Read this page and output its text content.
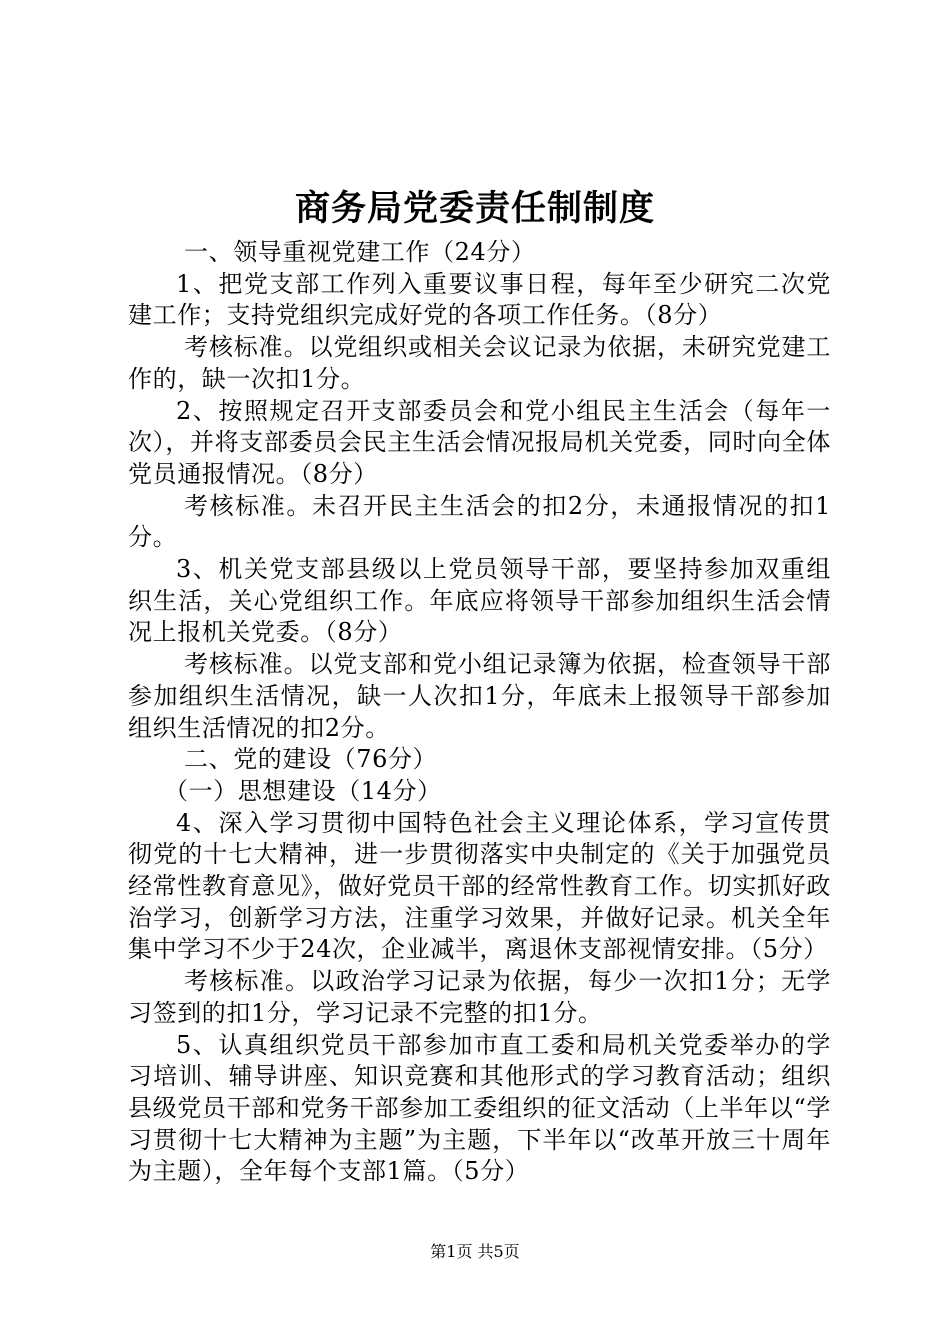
商务局党委责任制制度

一、领导重视党建工作（24分）

1、把党支部工作列入重要议事日程，每年至少研究二次党建工作；支持党组织完成好党的各项工作任务。（8分）

考核标准。以党组织或相关会议记录为依据，未研究党建工作的，缺一次扣1分。

2、按照规定召开支部委员会和党小组民主生活会（每年一次），并将支部委员会民主生活会情况报局机关党委，同时向全体党员通报情况。（8分）

考核标准。未召开民主生活会的扣2分，未通报情况的扣1分。

3、机关党支部县级以上党员领导干部，要坚持参加双重组织生活，关心党组织工作。年底应将领导干部参加组织生活会情况上报机关党委。（8分）

考核标准。以党支部和党小组记录簿为依据，检查领导干部参加组织生活情况，缺一人次扣1分，年底未上报领导干部参加组织生活情况的扣2分。

二、党的建设（76分）

（一）思想建设（14分）

4、深入学习贯彻中国特色社会主义理论体系，学习宣传贯彻党的十七大精神，进一步贯彻落实中央制定的《关于加强党员经常性教育意见》，做好党员干部的经常性教育工作。切实抓好政治学习，创新学习方法，注重学习效果，并做好记录。机关全年集中学习不少于24次，企业减半，离退休支部视情安排。（5分）

考核标准。以政治学习记录为依据，每少一次扣1分；无学习签到的扣1分，学习记录不完整的扣1分。

5、认真组织党员干部参加市直工委和局机关党委举办的学习培训、辅导讲座、知识竞赛和其他形式的学习教育活动；组织县级党员干部和党务干部参加工委组织的征文活动（上半年以“学习贯彻十七大精神为主题”为主题，下半年以“改革开放三十周年为主题），全年每个支部1篇。（5分）

第1页 共5页
